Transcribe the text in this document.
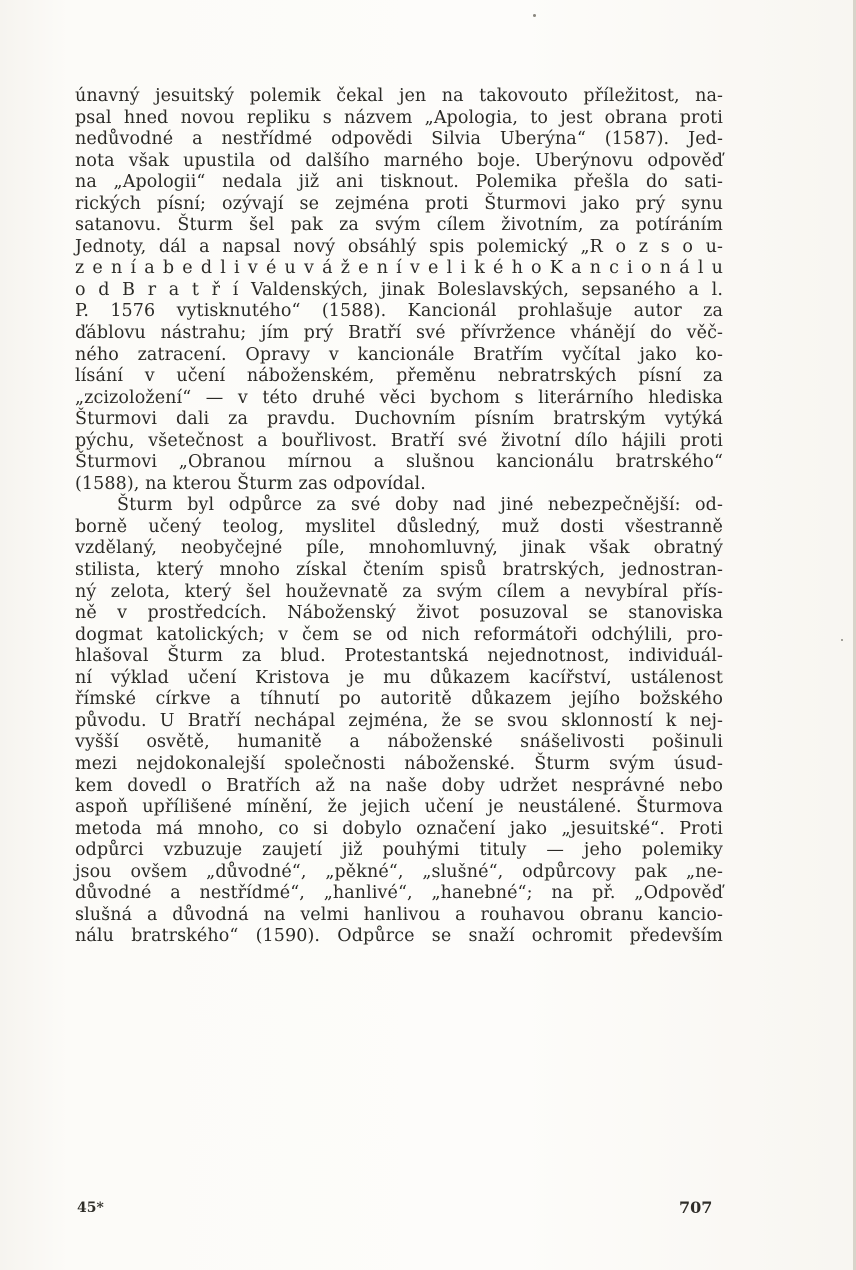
únavný jesuitský polemik čekal jen na takovouto příležitost, na-
psal hned novou repliku s názvem „Apologia, to jest obrana proti
nedůvodné a nestřídmé odpovědi Silvia Uberýna“ (1587). Jed-
nota však upustila od dalšího marného boje. Uberýnovu odpověď
na „Apologii“ nedala již ani tisknout. Polemika přešla do sati-
rických písní; ozývají se zejména proti Šturmovi jako prý synu
satanovu. Šturm šel pak za svým cílem životním, za potíráním
Jednoty, dál a napsal nový obsáhlý spis polemický „R o z s o u-
z e n í a b e d l i v é u v á ž e n í v e l i k é h o K a n c i o n á l u
o d B r a t ř í Valdenských, jinak Boleslavských, sepsaného a l.
P. 1576 vytisknutého“ (1588). Kancionál prohlašuje autor za
ďáblovu nástrahu; jím prý Bratří své přívržence vhánějí do věč-
ného zatracení. Opravy v kancionále Bratřím vyčítal jako ko-
lísání v učení náboženském, přeměnu nebratrských písní za
„zcizoložení“ — v této druhé věci bychom s literárního hlediska
Šturmovi dali za pravdu. Duchovním písním bratrským vytýká
pýchu, všetečnost a bouřlivost. Bratří své životní dílo hájili proti
Šturmovi „Obranou mírnou a slušnou kancionálu bratrského“
(1588), na kterou Šturm zas odpovídal.
Šturm byl odpůrce za své doby nad jiné nebezpečnější: od-
borně učený teolog, myslitel důsledný, muž dosti všestranně
vzdělaný, neobyčejné píle, mnohomluvný, jinak však obratný
stilista, který mnoho získal čtením spisů bratrských, jednostran-
ný zelota, který šel houževnatě za svým cílem a nevybíral přís-
ně v prostředcích. Náboženský život posuzoval se stanoviska
dogmat katolických; v čem se od nich reformátoři odchýlili, pro-
hlašoval Šturm za blud. Protestantská nejednotnost, individuál-
ní výklad učení Kristova je mu důkazem kacířství, ustálenost
římské církve a tíhnutí po autoritě důkazem jejího božského
původu. U Bratří nechápal zejména, že se svou sklonností k nej-
vyšší osvětě, humanitě a náboženské snášelivosti pošinuli
mezi nejdokonalejší společnosti náboženské. Šturm svým úsud-
kem dovedl o Bratřích až na naše doby udržet nesprávné nebo
aspoň upřílišené mínění, že jejich učení je neustálené. Šturmova
metoda má mnoho, co si dobylo označení jako „jesuitské“. Proti
odpůrci vzbuzuje zaujetí již pouhými tituly — jeho polemiky
jsou ovšem „důvodné“, „pěkné“, „slušné“, odpůrcovy pak „ne-
důvodné a nestřídmé“, „hanlivé“, „hanebné“; na př. „Odpověď
slušná a důvodná na velmi hanlivou a rouhavou obranu kancio-
nálu bratrského“ (1590). Odpůrce se snaží ochromit především
45*	707
